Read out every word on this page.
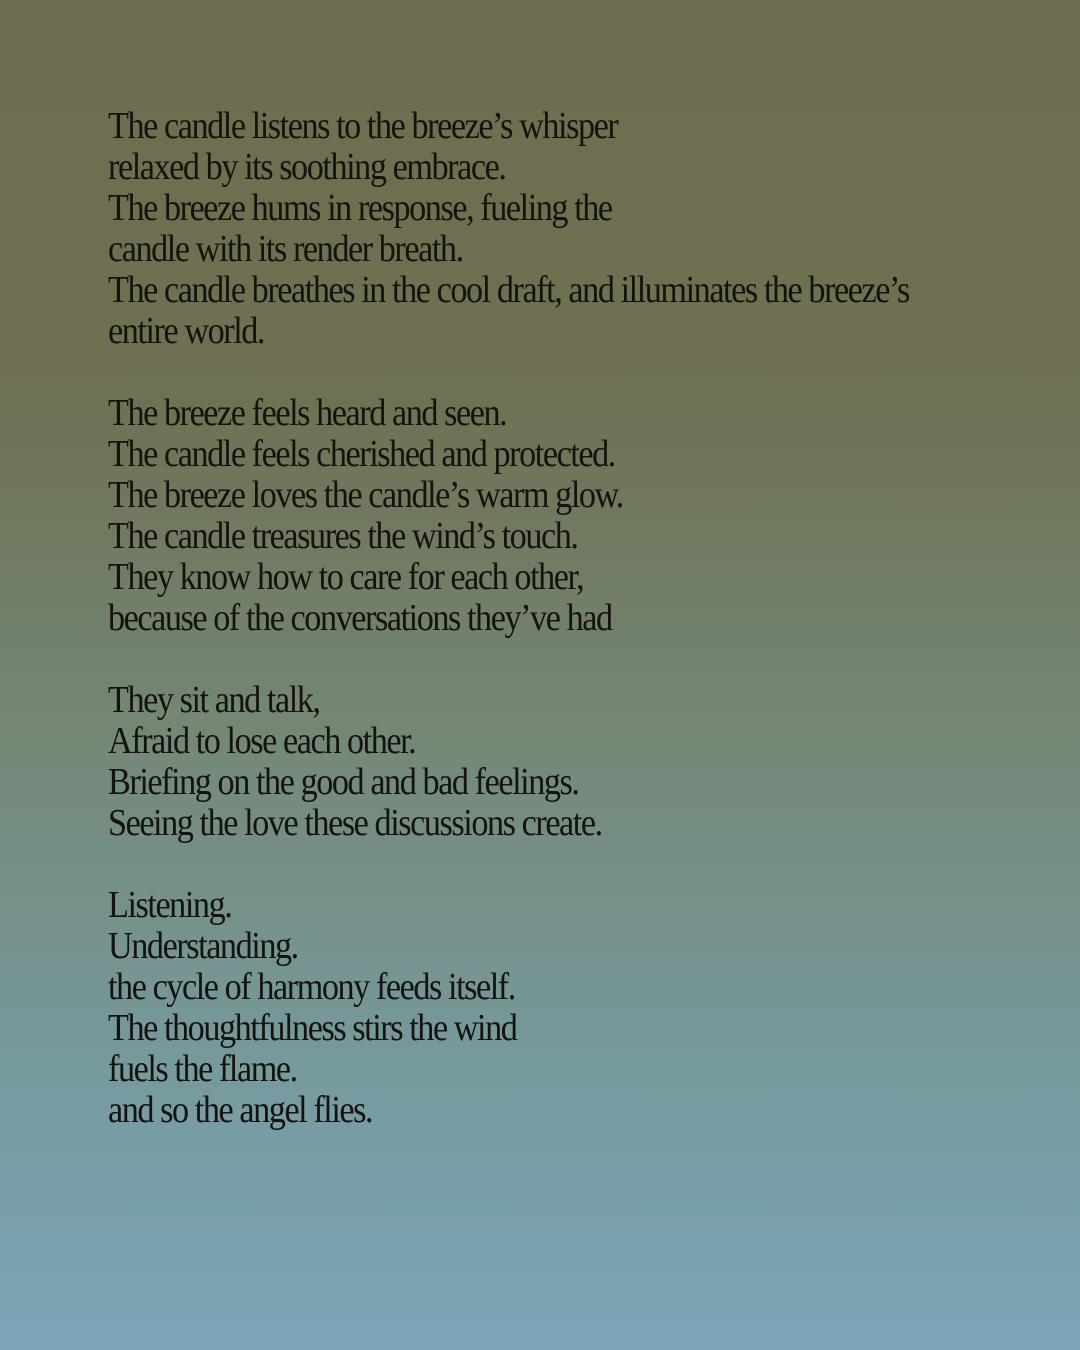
The candle listens to the breeze’s whisper
relaxed by its soothing embrace.
The breeze hums in response, fueling the
candle with its render breath.
The candle breathes in the cool draft, and illuminates the breeze’s
entire world.
The breeze feels heard and seen.
The candle feels cherished and protected.
The breeze loves the candle’s warm glow.
The candle treasures the wind’s touch.
They know how to care for each other,
because of the conversations they’ve had
They sit and talk,
Afraid to lose each other.
Briefing on the good and bad feelings.
Seeing the love these discussions create.
Listening.
Understanding.
the cycle of harmony feeds itself.
The thoughtfulness stirs the wind
fuels the flame.
and so the angel flies.
